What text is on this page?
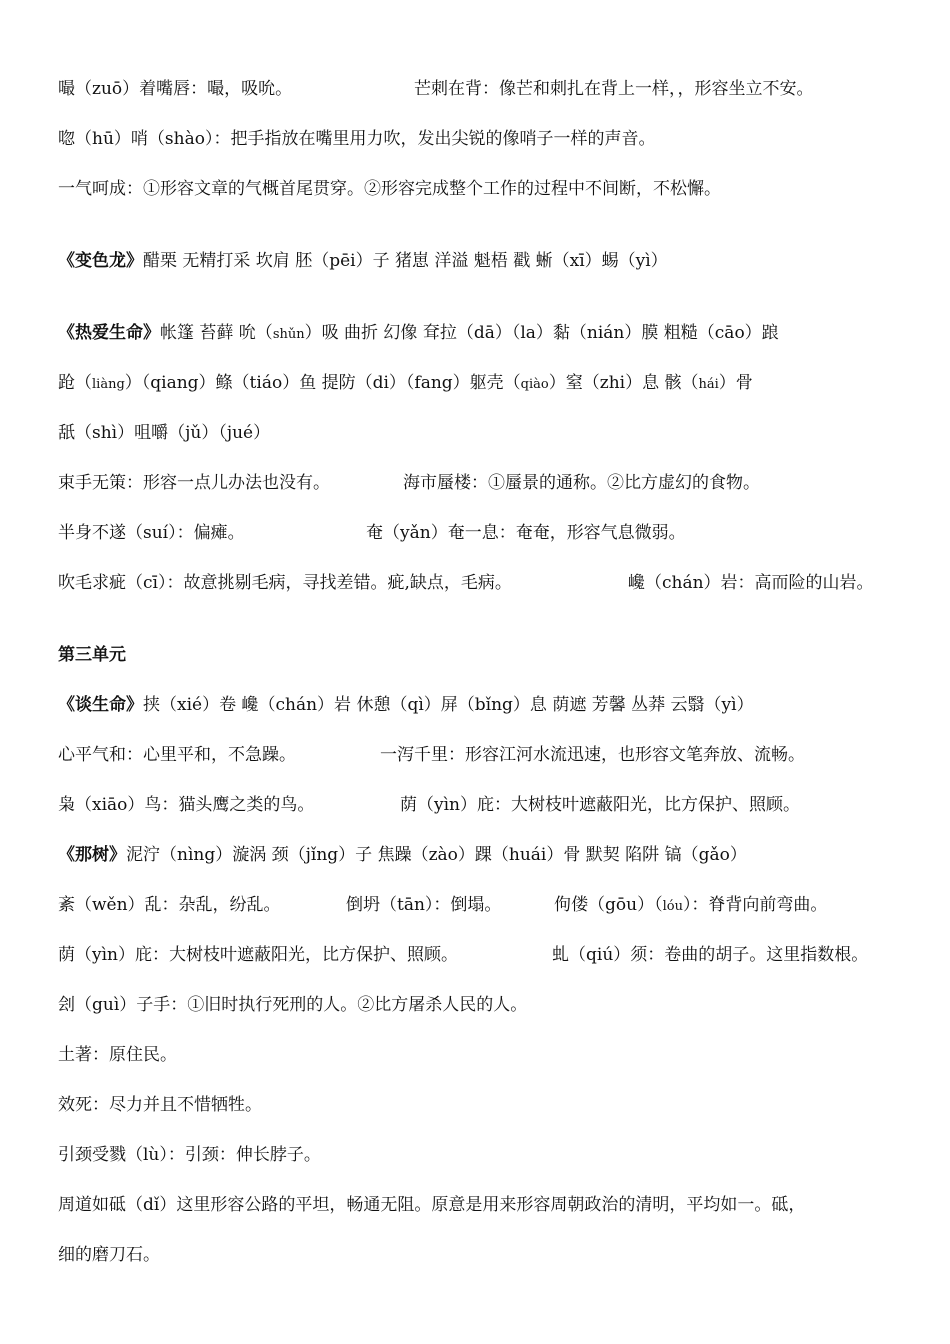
嘬（zuō）着嘴唇：嘬，吸吮。	芒刺在背：像芒和刺扎在背上一样，，形容坐立不安。
唿（hū）哨（shào）：把手指放在嘴里用力吹，发出尖锐的像哨子一样的声音。
一气呵成：①形容文章的气概首尾贯穿。②形容完成整个工作的过程中不间断，不松懈。
《变色龙》醋栗 无精打采 坎肩 胚（pēi）子 猪崽 洋溢 魁梧 戳 蜥（xī）蜴（yì）
《热爱生命》帐篷 苔藓 吮（shǔn）吸 曲折 幻像 耷拉（dā）（la）黏（nián）膜 粗糙（cāo）踉
跄（liàng）（qiang）鲦（tiáo）鱼 提防（di）（fang）躯壳（qiào）窒（zhi）息 骸（hái）骨
舐（shì）咀嚼（jǔ）（jué）
束手无策：形容一点儿办法也没有。	海市蜃楼：①蜃景的通称。②比方虚幻的食物。
半身不遂（suí）：偏瘫。	奄（yǎn）奄一息：奄奄，形容气息微弱。
吹毛求疵（cī）：故意挑剔毛病，寻找差错。疵,缺点，毛病。	巉（chán）岩：高而险的山岩。
第三单元
《谈生命》挟（xié）卷 巉（chán）岩 休憩（qì）屏（bǐng）息 荫遮 芳馨 丛莽 云翳（yì）
心平气和：心里平和，不急躁。	一泻千里：形容江河水流迅速，也形容文笔奔放、流畅。
枭（xiāo）鸟：猫头鹰之类的鸟。	荫（yìn）庇：大树枝叶遮蔽阳光，比方保护、照顾。
《那树》泥泞（nìng）漩涡 颈（jǐng）子 焦躁（zào）踝（huái）骨 默契 陷阱 镐（gǎo）
紊（wěn）乱：杂乱，纷乱。	倒坍（tān）：倒塌。	佝偻（gōu）（lóu）：脊背向前弯曲。
荫（yìn）庇：大树枝叶遮蔽阳光，比方保护、照顾。	虬（qiú）须：卷曲的胡子。这里指数根。
刽（guì）子手：①旧时执行死刑的人。②比方屠杀人民的人。
土著：原住民。
效死：尽力并且不惜牺牲。
引颈受戮（lù）：引颈：伸长脖子。
周道如砥（dǐ）这里形容公路的平坦，畅通无阻。原意是用来形容周朝政治的清明，平均如一。砥，
细的磨刀石。
